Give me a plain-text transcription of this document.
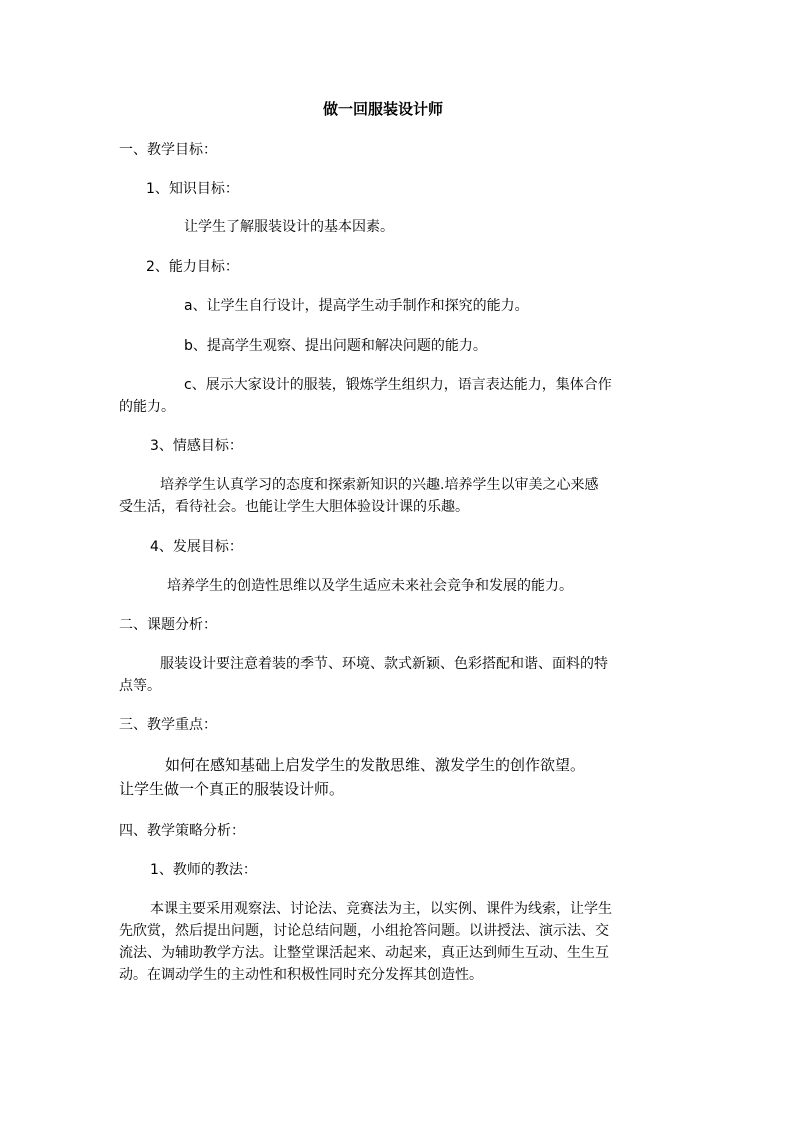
做一回服装设计师
一、教学目标：
1、知识目标：
让学生了解服装设计的基本因素。
2、能力目标：
a、让学生自行设计，提高学生动手制作和探究的能力。
b、提高学生观察、提出问题和解决问题的能力。
c、展示大家设计的服装，锻炼学生组织力，语言表达能力，集体合作
的能力。
3、情感目标：
培养学生认真学习的态度和探索新知识的兴趣.培养学生以审美之心来感
受生活，看待社会。也能让学生大胆体验设计课的乐趣。
4、发展目标：
培养学生的创造性思维以及学生适应未来社会竞争和发展的能力。
二、课题分析：
服装设计要注意着装的季节、环境、款式新颖、色彩搭配和谐、面料的特
点等。
三、教学重点：
如何在感知基础上启发学生的发散思维、激发学生的创作欲望。
让学生做一个真正的服装设计师。
四、教学策略分析：
1、教师的教法：
本课主要采用观察法、讨论法、竞赛法为主，以实例、课件为线索，让学生
先欣赏，然后提出问题，讨论总结问题，小组抢答问题。以讲授法、演示法、交
流法、为辅助教学方法。让整堂课活起来、动起来，真正达到师生互动、生生互
动。在调动学生的主动性和积极性同时充分发挥其创造性。
